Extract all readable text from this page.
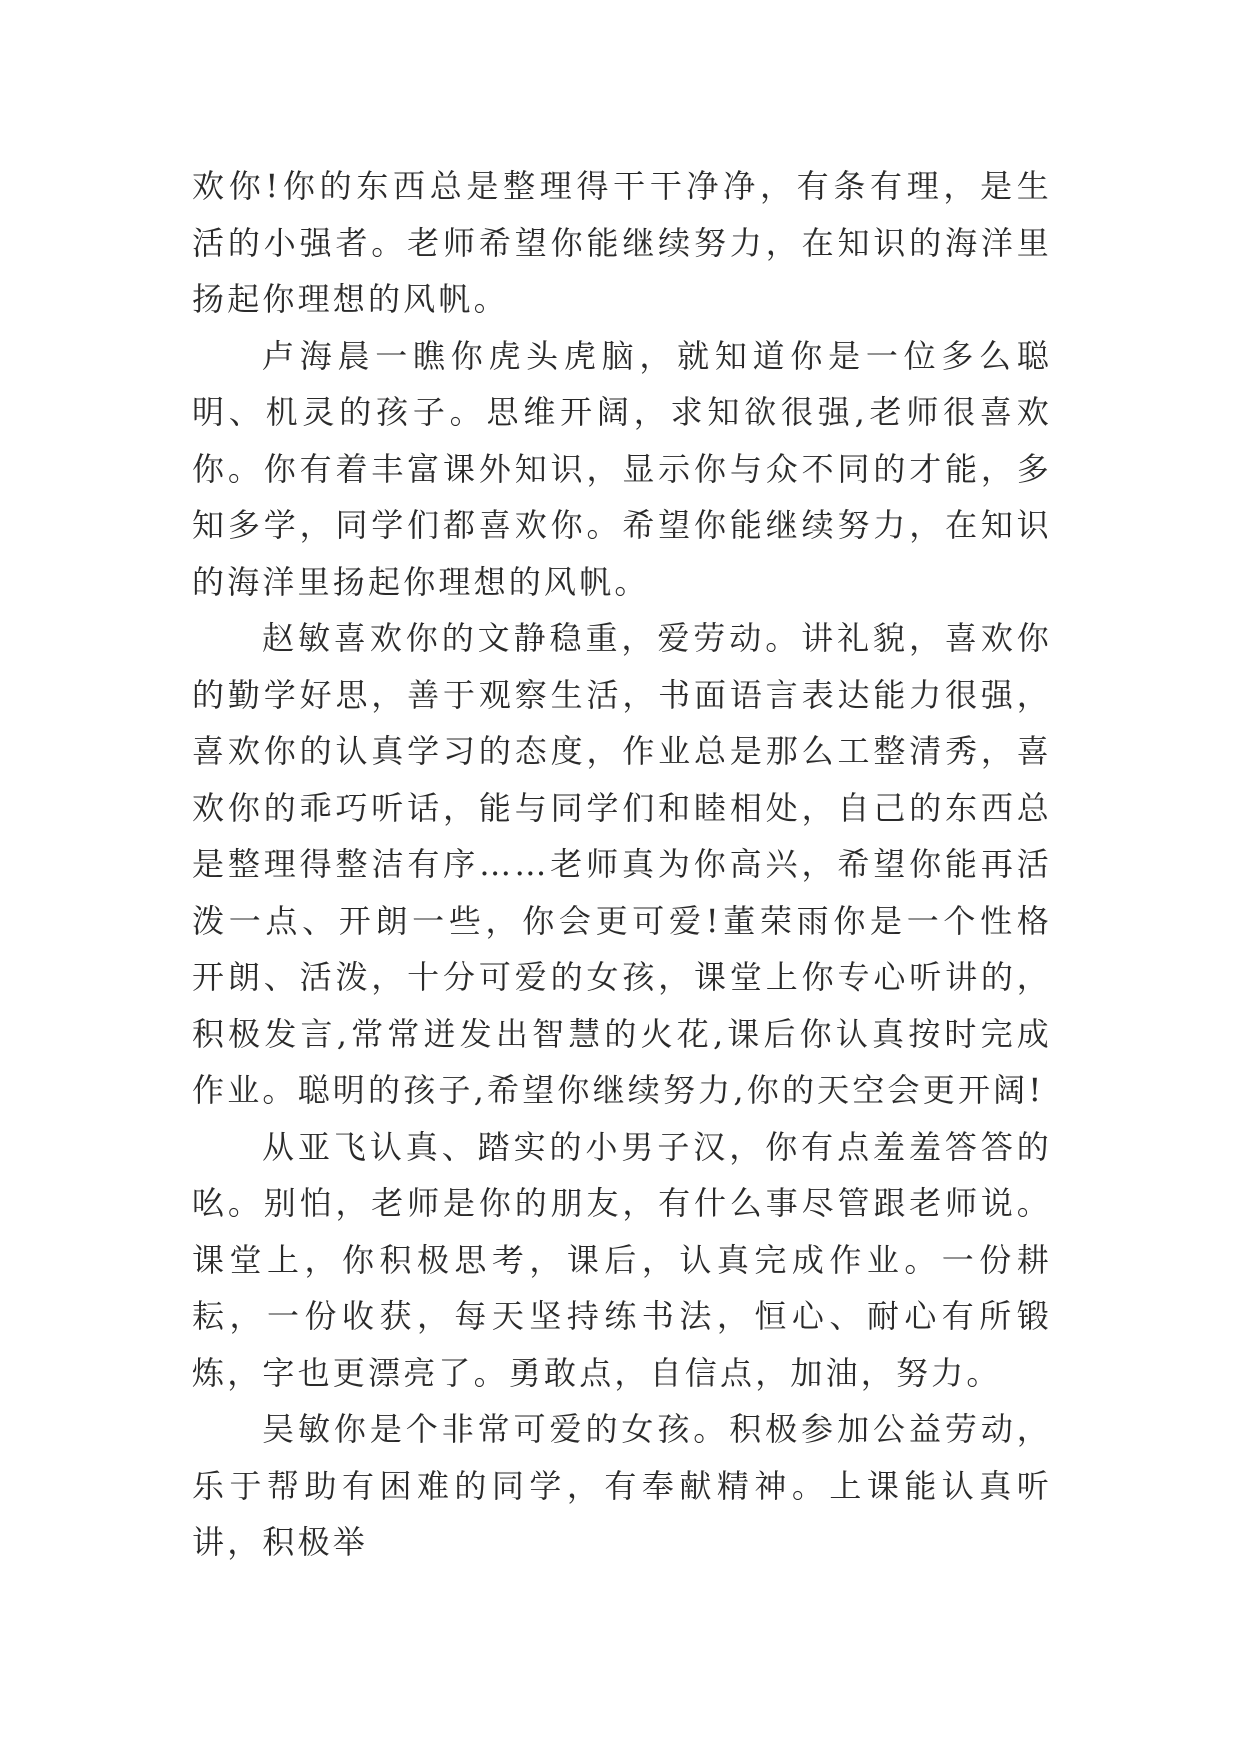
欢你!你的东西总是整理得干干净净，有条有理，是生活的小强者。老师希望你能继续努力，在知识的海洋里扬起你理想的风帆。

卢海晨一瞧你虎头虎脑，就知道你是一位多么聪明、机灵的孩子。思维开阔，求知欲很强,老师很喜欢你。你有着丰富课外知识，显示你与众不同的才能，多知多学，同学们都喜欢你。希望你能继续努力，在知识的海洋里扬起你理想的风帆。

赵敏喜欢你的文静稳重，爱劳动。讲礼貌，喜欢你的勤学好思，善于观察生活，书面语言表达能力很强，喜欢你的认真学习的态度，作业总是那么工整清秀，喜欢你的乖巧听话，能与同学们和睦相处，自己的东西总是整理得整洁有序……老师真为你高兴，希望你能再活泼一点、开朗一些，你会更可爱!董荣雨你是一个性格开朗、活泼，十分可爱的女孩，课堂上你专心听讲的，积极发言,常常迸发出智慧的火花,课后你认真按时完成作业。聪明的孩子,希望你继续努力,你的天空会更开阔!

从亚飞认真、踏实的小男子汉，你有点羞羞答答的吆。别怕，老师是你的朋友，有什么事尽管跟老师说。课堂上，你积极思考，课后，认真完成作业。一份耕耘，一份收获，每天坚持练书法，恒心、耐心有所锻炼，字也更漂亮了。勇敢点，自信点，加油，努力。

吴敏你是个非常可爱的女孩。积极参加公益劳动，乐于帮助有困难的同学，有奉献精神。上课能认真听讲，积极举
